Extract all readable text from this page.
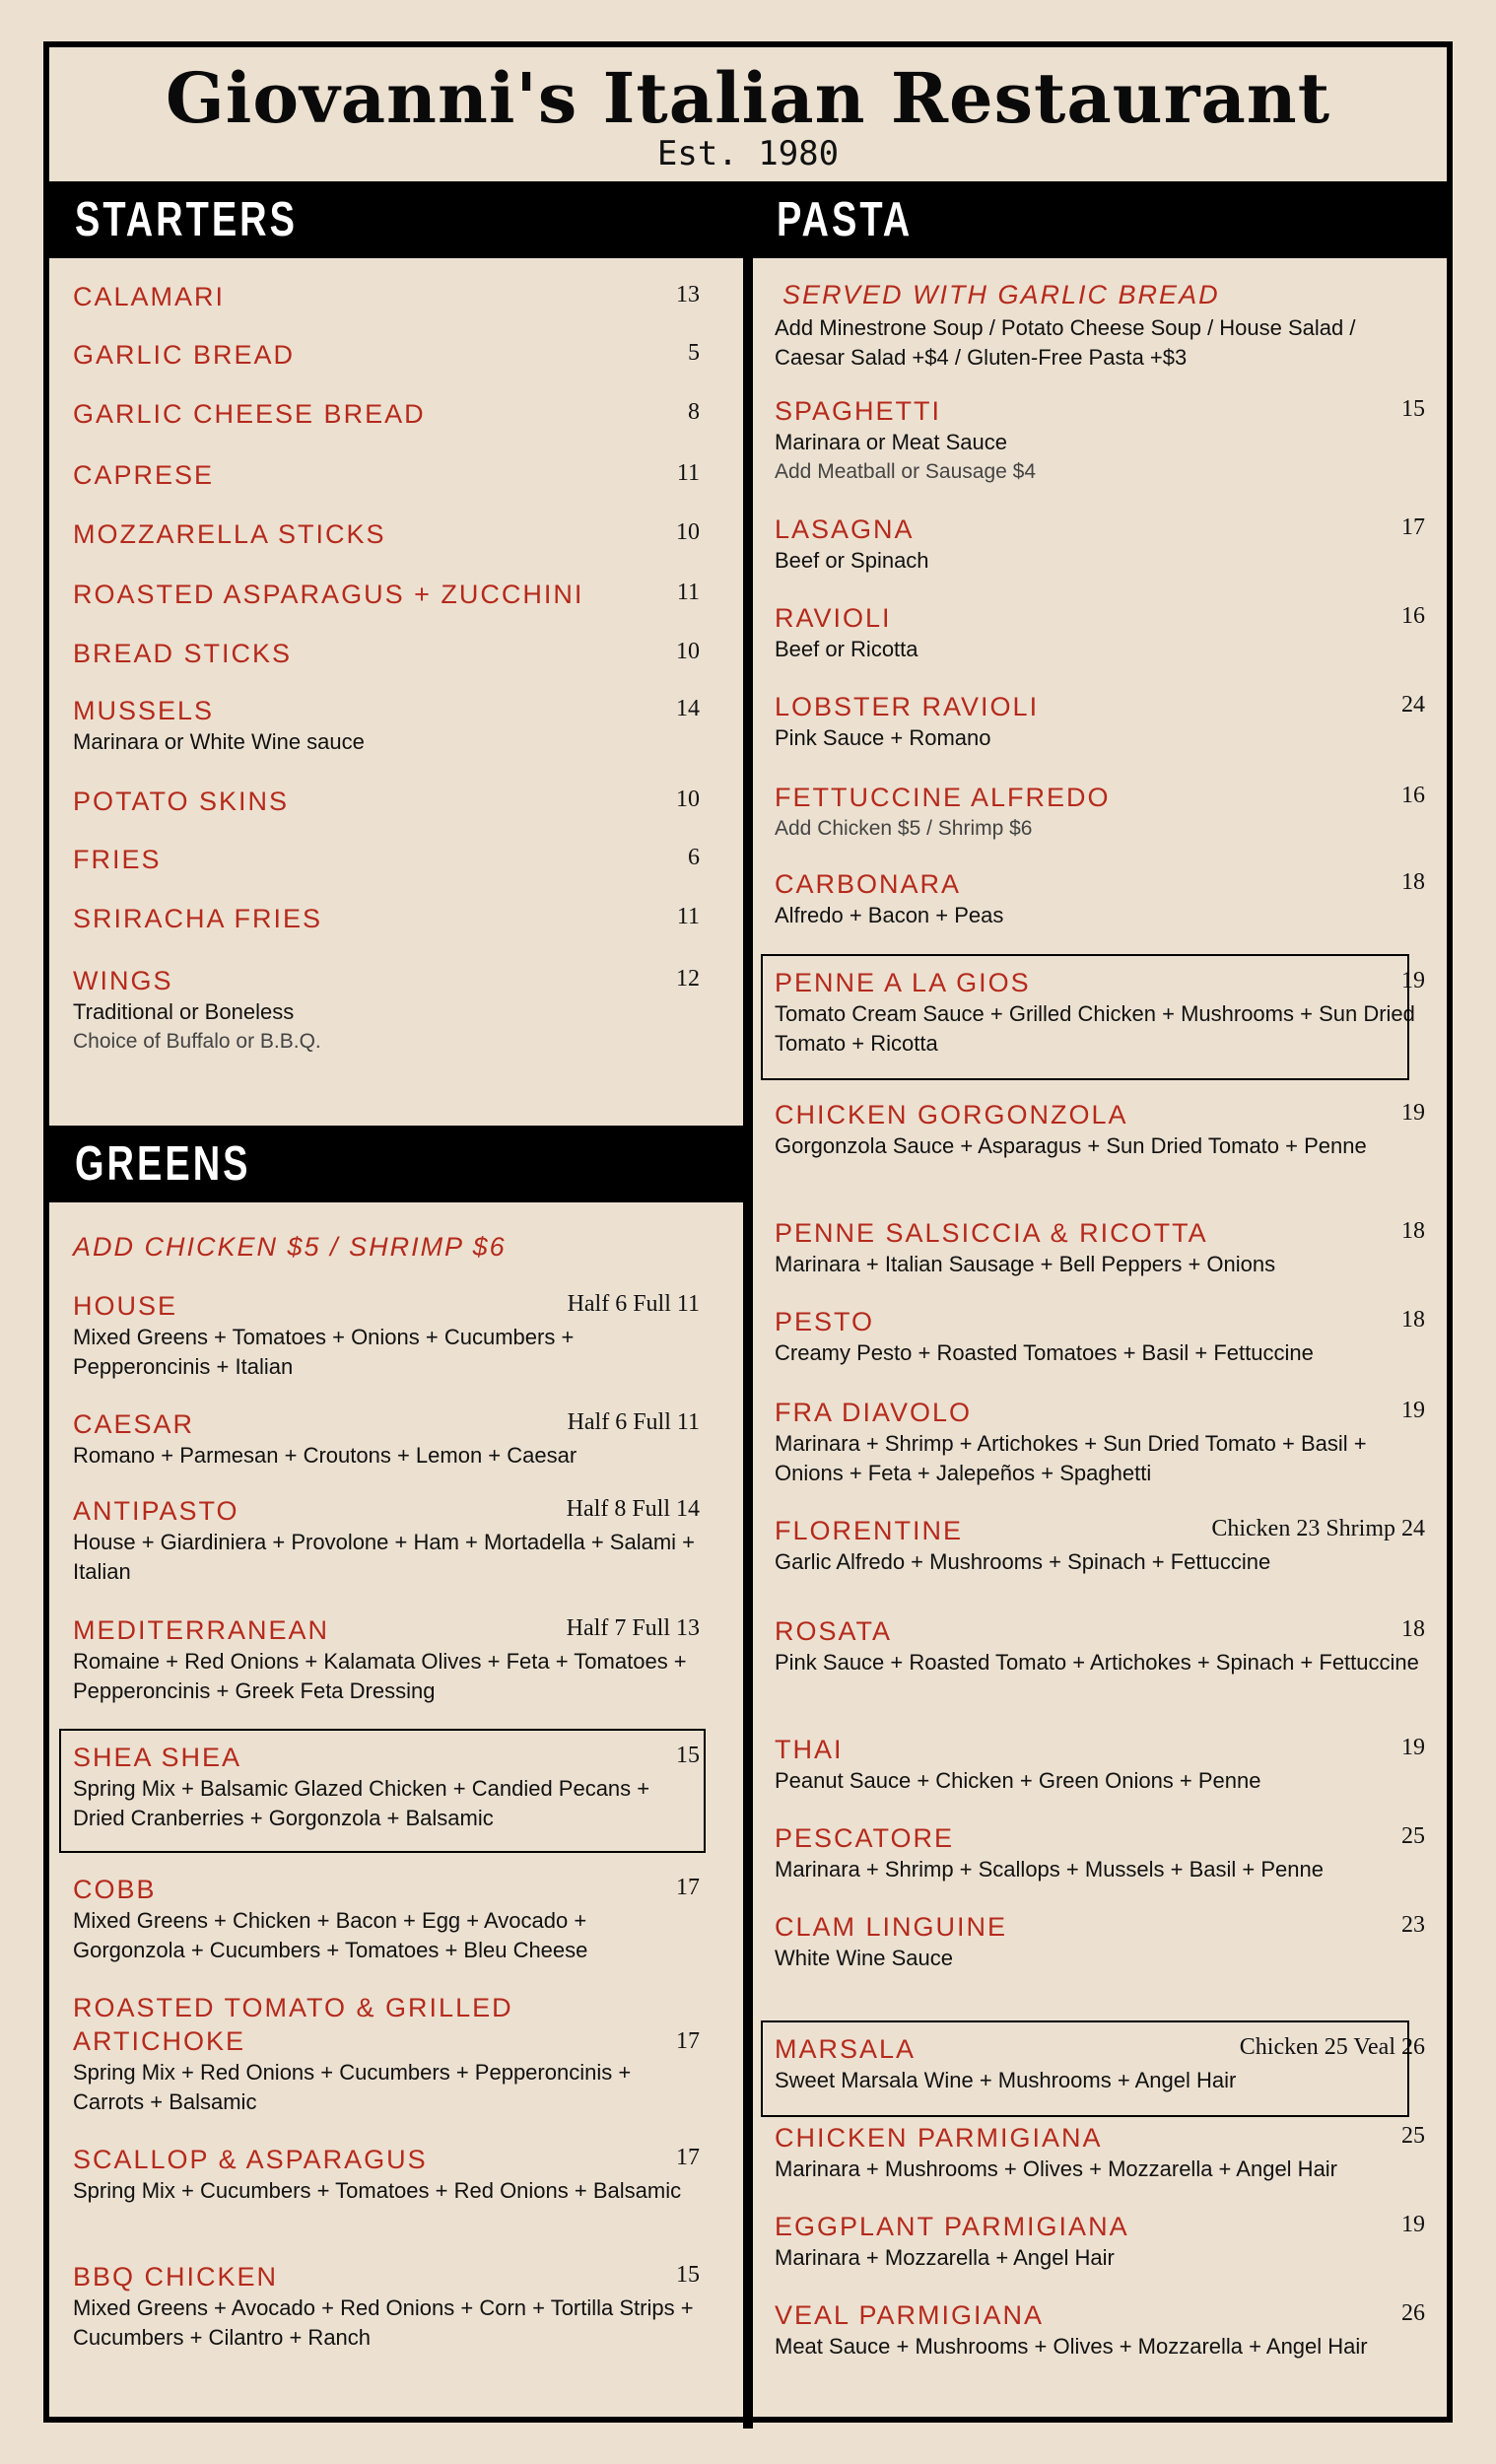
Giovanni's Italian Restaurant
Est. 1980
STARTERS	PASTA
GREENS
CALAMARI	13
GARLIC BREAD	5
GARLIC CHEESE BREAD	8
CAPRESE	11
MOZZARELLA STICKS	10
ROASTED ASPARAGUS + ZUCCHINI	11
BREAD STICKS	10
MUSSELS	14
Marinara or White Wine sauce
POTATO SKINS	10
FRIES	6
SRIRACHA FRIES	11
WINGS	12
Traditional or Boneless
Choice of Buffalo or B.B.Q.
ADD CHICKEN $5 / SHRIMP $6
HOUSE	Half 6 Full 11
Mixed Greens + Tomatoes + Onions + Cucumbers + Pepperoncinis + Italian
CAESAR	Half 6 Full 11
Romano + Parmesan + Croutons + Lemon + Caesar
ANTIPASTO	Half 8 Full 14
House + Giardiniera + Provolone + Ham + Mortadella + Salami + Italian
MEDITERRANEAN	Half 7 Full 13
Romaine + Red Onions + Kalamata Olives + Feta + Tomatoes + Pepperoncinis + Greek Feta Dressing
SHEA SHEA	15
Spring Mix + Balsamic Glazed Chicken + Candied Pecans + Dried Cranberries + Gorgonzola + Balsamic
COBB	17
Mixed Greens + Chicken + Bacon + Egg + Avocado + Gorgonzola + Cucumbers + Tomatoes + Bleu Cheese
ROASTED TOMATO & GRILLED ARTICHOKE	17
Spring Mix + Red Onions + Cucumbers + Pepperoncinis + Carrots + Balsamic
SCALLOP & ASPARAGUS	17
Spring Mix + Cucumbers + Tomatoes + Red Onions + Balsamic
BBQ CHICKEN	15
Mixed Greens + Avocado + Red Onions + Corn + Tortilla Strips + Cucumbers + Cilantro + Ranch
SERVED WITH GARLIC BREAD
Add Minestrone Soup / Potato Cheese Soup / House Salad / Caesar Salad +$4 / Gluten-Free Pasta +$3
SPAGHETTI	15
Marinara or Meat Sauce
Add Meatball or Sausage $4
LASAGNA	17
Beef or Spinach
RAVIOLI	16
Beef or Ricotta
LOBSTER RAVIOLI	24
Pink Sauce + Romano
FETTUCCINE ALFREDO	16
Add Chicken $5 / Shrimp $6
CARBONARA	18
Alfredo + Bacon + Peas
PENNE A LA GIOS	19
Tomato Cream Sauce + Grilled Chicken + Mushrooms + Sun Dried Tomato + Ricotta
CHICKEN GORGONZOLA	19
Gorgonzola Sauce + Asparagus + Sun Dried Tomato + Penne
PENNE SALSICCIA & RICOTTA	18
Marinara + Italian Sausage + Bell Peppers + Onions
PESTO	18
Creamy Pesto + Roasted Tomatoes + Basil + Fettuccine
FRA DIAVOLO	19
Marinara + Shrimp + Artichokes + Sun Dried Tomato + Basil + Onions + Feta + Jalepeños + Spaghetti
FLORENTINE	Chicken 23 Shrimp 24
Garlic Alfredo + Mushrooms + Spinach + Fettuccine
ROSATA	18
Pink Sauce + Roasted Tomato + Artichokes + Spinach + Fettuccine
THAI	19
Peanut Sauce + Chicken + Green Onions + Penne
PESCATORE	25
Marinara + Shrimp + Scallops + Mussels + Basil + Penne
CLAM LINGUINE	23
White Wine Sauce
MARSALA	Chicken 25 Veal 26
Sweet Marsala Wine + Mushrooms + Angel Hair
CHICKEN PARMIGIANA	25
Marinara + Mushrooms + Olives + Mozzarella + Angel Hair
EGGPLANT PARMIGIANA	19
Marinara + Mozzarella + Angel Hair
VEAL PARMIGIANA	26
Meat Sauce + Mushrooms + Olives + Mozzarella + Angel Hair
